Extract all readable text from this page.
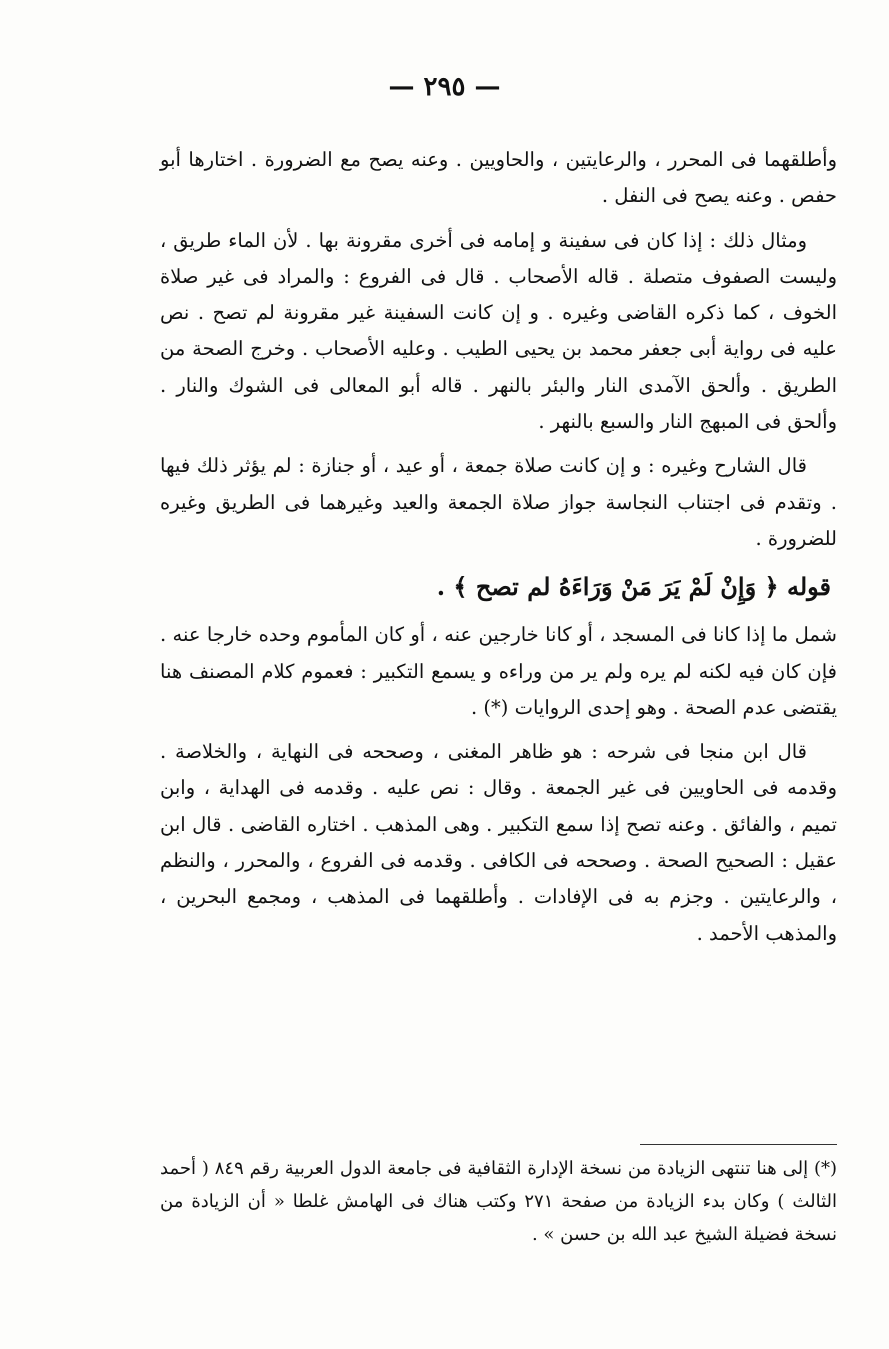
— ٢٩٥ —

وأطلقهما فى المحرر ، والرعايتين ، والحاويين . وعنه يصح مع الضرورة . اختارها أبو حفص . وعنه يصح فى النفل .

ومثال ذلك : إذا كان فى سفينة و إمامه فى أخرى مقرونة بها . لأن الماء طريق ، وليست الصفوف متصلة . قاله الأصحاب . قال فى الفروع : والمراد فى غير صلاة الخوف ، كما ذكره القاضى وغيره . و إن كانت السفينة غير مقرونة لم تصح . نص عليه فى رواية أبى جعفر محمد بن يحيى الطيب . وعليه الأصحاب . وخرج الصحة من الطريق . وألحق الآمدى النار والبئر بالنهر . قاله أبو المعالى فى الشوك والنار . وألحق فى المبهج النار والسبع بالنهر .

قال الشارح وغيره : و إن كانت صلاة جمعة ، أو عيد ، أو جنازة : لم يؤثر ذلك فيها . وتقدم فى اجتناب النجاسة جواز صلاة الجمعة والعيد وغيرهما فى الطريق وغيره للضرورة .

قوله ﴿ وَإِنْ لَمْ يَرَ مَنْ وَرَاءَهُ لم تصح ﴾ .

شمل ما إذا كانا فى المسجد ، أو كانا خارجين عنه ، أو كان المأموم وحده خارجا عنه . فإن كان فيه لكنه لم يره ولم ير من وراءه و يسمع التكبير : فعموم كلام المصنف هنا يقتضى عدم الصحة . وهو إحدى الروايات (*) .

قال ابن منجا فى شرحه : هو ظاهر المغنى ، وصححه فى النهاية ، والخلاصة . وقدمه فى الحاويين فى غير الجمعة . وقال : نص عليه . وقدمه فى الهداية ، وابن تميم ، والفائق . وعنه تصح إذا سمع التكبير . وهى المذهب . اختاره القاضى . قال ابن عقيل : الصحيح الصحة . وصححه فى الكافى . وقدمه فى الفروع ، والمحرر ، والنظم ، والرعايتين . وجزم به فى الإفادات . وأطلقهما فى المذهب ، ومجمع البحرين ، والمذهب الأحمد .

(*) إلى هنا تنتهى الزيادة من نسخة الإدارة الثقافية فى جامعة الدول العربية رقم ٨٤٩ ( أحمد الثالث ) وكان بدء الزيادة من صفحة ٢٧١ وكتب هناك فى الهامش غلطا « أن الزيادة من نسخة فضيلة الشيخ عبد الله بن حسن » .
